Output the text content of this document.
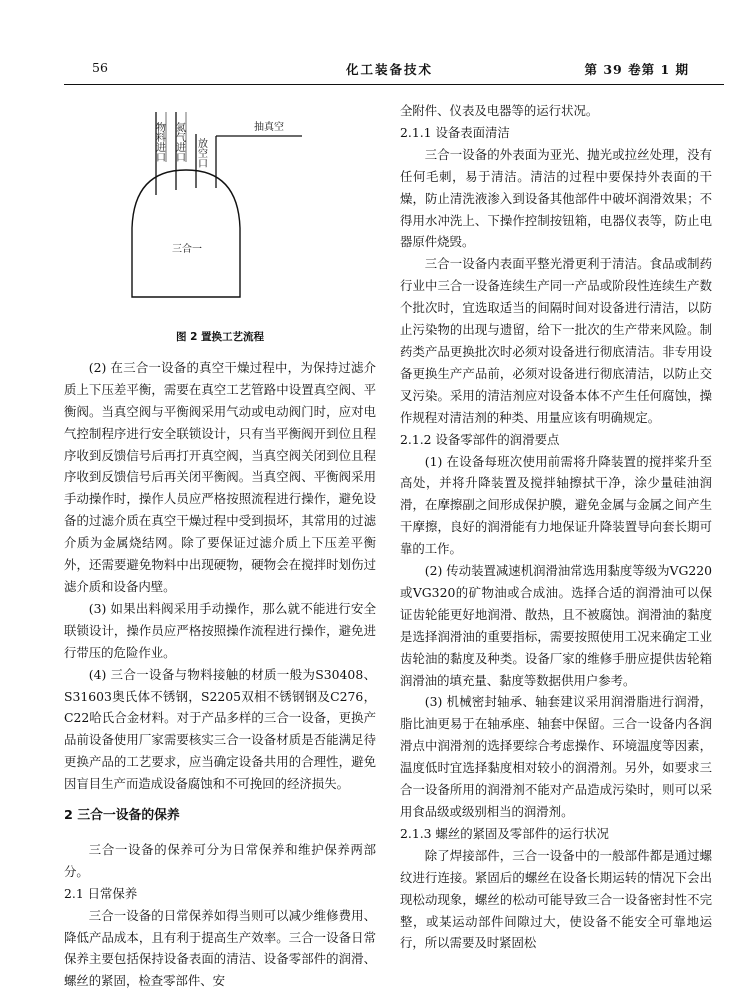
56	化工装备技术	第 39 卷第 1 期
物料进口 氮气进口 放空口
抽真空
三合一
图 2 置换工艺流程

(2) 在三合一设备的真空干燥过程中，为保持过滤介质上下压差平衡，需要在真空工艺管路中设置真空阀、平衡阀。当真空阀与平衡阀采用气动或电动阀门时，应对电气控制程序进行安全联锁设计，只有当平衡阀开到位且程序收到反馈信号后再打开真空阀，当真空阀关闭到位且程序收到反馈信号后再关闭平衡阀。当真空阀、平衡阀采用手动操作时，操作人员应严格按照流程进行操作，避免设备的过滤介质在真空干燥过程中受到损坏，其常用的过滤介质为金属烧结网。除了要保证过滤介质上下压差平衡外，还需要避免物料中出现硬物，硬物会在搅拌时划伤过滤介质和设备内壁。

(3) 如果出料阀采用手动操作，那么就不能进行安全联锁设计，操作员应严格按照操作流程进行操作，避免进行带压的危险作业。

(4) 三合一设备与物料接触的材质一般为S30408、S31603奥氏体不锈钢，S2205双相不锈钢钢及C276，C22哈氏合金材料。对于产品多样的三合一设备，更换产品前设备使用厂家需要核实三合一设备材质是否能满足待更换产品的工艺要求，应当确定设备共用的合理性，避免因盲目生产而造成设备腐蚀和不可挽回的经济损失。

2 三合一设备的保养

三合一设备的保养可分为日常保养和维护保养两部分。

2.1 日常保养

三合一设备的日常保养如得当则可以减少维修费用、降低产品成本，且有利于提高生产效率。三合一设备日常保养主要包括保持设备表面的清洁、设备零部件的润滑、螺丝的紧固，检查零部件、安

全附件、仪表及电器等的运行状况。

2.1.1 设备表面清洁

三合一设备的外表面为亚光、抛光或拉丝处理，没有任何毛刺，易于清洁。清洁的过程中要保持外表面的干燥，防止清洗液渗入到设备其他部件中破坏润滑效果；不得用水冲洗上、下操作控制按钮箱，电器仪表等，防止电器原件烧毁。

三合一设备内表面平整光滑更利于清洁。食品或制药行业中三合一设备连续生产同一产品或阶段性连续生产数个批次时，宜选取适当的间隔时间对设备进行清洁，以防止污染物的出现与遗留，给下一批次的生产带来风险。制药类产品更换批次时必须对设备进行彻底清洁。非专用设备更换生产产品前，必须对设备进行彻底清洁，以防止交叉污染。采用的清洁剂应对设备本体不产生任何腐蚀，操作规程对清洁剂的种类、用量应该有明确规定。

2.1.2 设备零部件的润滑要点

(1) 在设备每班次使用前需将升降装置的搅拌桨升至高处，并将升降装置及搅拌轴擦拭干净，涂少量硅油润滑，在摩擦副之间形成保护膜，避免金属与金属之间产生干摩擦，良好的润滑能有力地保证升降装置导向套长期可靠的工作。

(2) 传动装置减速机润滑油常选用黏度等级为VG220或VG320的矿物油或合成油。选择合适的润滑油可以保证齿轮能更好地润滑、散热，且不被腐蚀。润滑油的黏度是选择润滑油的重要指标，需要按照使用工况来确定工业齿轮油的黏度及种类。设备厂家的维修手册应提供齿轮箱润滑油的填充量、黏度等数据供用户参考。

(3) 机械密封轴承、轴套建议采用润滑脂进行润滑，脂比油更易于在轴承座、轴套中保留。三合一设备内各润滑点中润滑剂的选择要综合考虑操作、环境温度等因素，温度低时宜选择黏度相对较小的润滑剂。另外，如要求三合一设备所用的润滑剂不能对产品造成污染时，则可以采用食品级或级别相当的润滑剂。

2.1.3 螺丝的紧固及零部件的运行状况

除了焊接部件，三合一设备中的一般部件都是通过螺纹进行连接。紧固后的螺丝在设备长期运转的情况下会出现松动现象，螺丝的松动可能导致三合一设备密封性不完整，或某运动部件间隙过大，使设备不能安全可靠地运行，所以需要及时紧固松
